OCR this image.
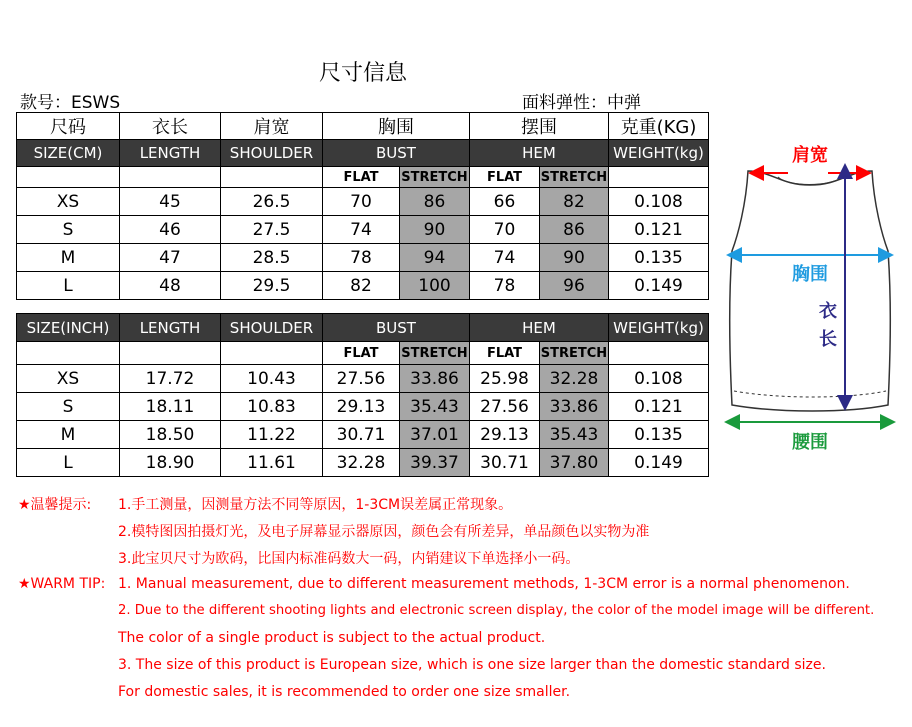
尺寸信息
款号：ESWS	面料弹性：中弹
尺码	衣长	肩宽	胸围		摆围		克重(KG)
SIZE(CM)	LENGTH	SHOULDER	BUST		HEM		WEIGHT(kg)
			FLAT	STRETCH	FLAT	STRETCH	
XS	45	26.5	70	86	66	82	0.108
S	46	27.5	74	90	70	86	0.121
M	47	28.5	78	94	74	90	0.135
L	48	29.5	82	100	78	96	0.149
SIZE(INCH)	LENGTH	SHOULDER	BUST		HEM		WEIGHT(kg)
			FLAT	STRETCH	FLAT	STRETCH	
XS	17.72	10.43	27.56	33.86	25.98	32.28	0.108
S	18.11	10.83	29.13	35.43	27.56	33.86	0.121
M	18.50	11.22	30.71	37.01	29.13	35.43	0.135
L	18.90	11.61	32.28	39.37	30.71	37.80	0.149
肩宽
胸围
衣
长
腰围
★温馨提示: 1.手工测量，因测量方法不同等原因，1-3CM误差属正常现象。
2.模特图因拍摄灯光，及电子屏幕显示器原因，颜色会有所差异，单品颜色以实物为准
3.此宝贝尺寸为欧码，比国内标准码数大一码，内销建议下单选择小一码。
★WARM TIP: 1. Manual measurement, due to different measurement methods, 1-3CM error is a normal phenomenon.
2. Due to the different shooting lights and electronic screen display, the color of the model image will be different.
The color of a single product is subject to the actual product.
3. The size of this product is European size, which is one size larger than the domestic standard size.
For domestic sales, it is recommended to order one size smaller.
